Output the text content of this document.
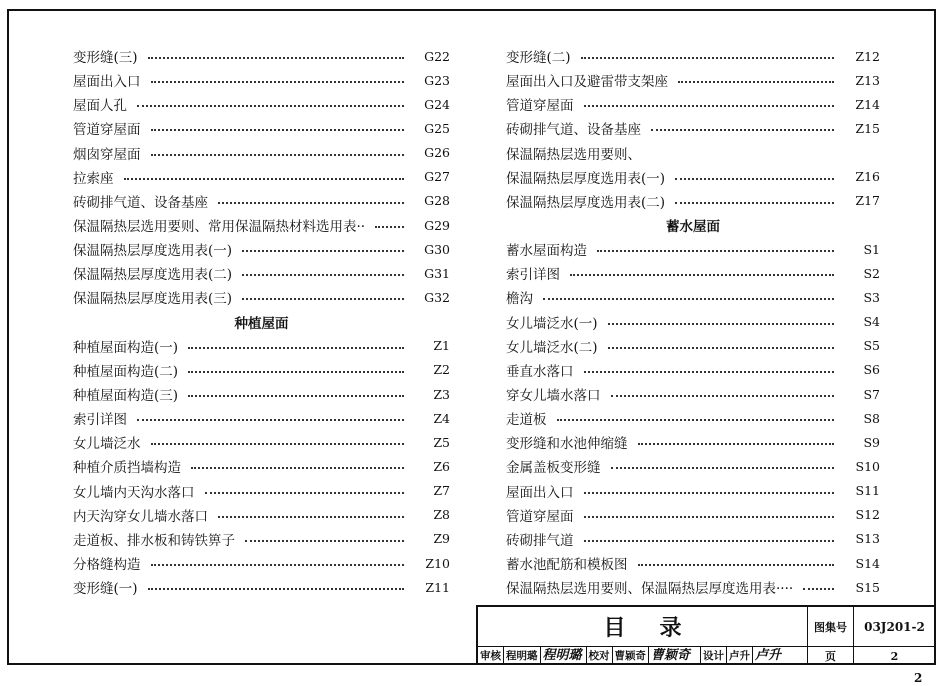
变形缝(三)	G22
屋面出入口	G23
屋面人孔	G24
管道穿屋面	G25
烟囱穿屋面	G26
拉索座	G27
砖砌排气道、设备基座	G28
保温隔热层选用要则、常用保温隔热材料选用表··	G29
保温隔热层厚度选用表(一)	G30
保温隔热层厚度选用表(二)	G31
保温隔热层厚度选用表(三)	G32
种植屋面
种植屋面构造(一)	Z1
种植屋面构造(二)	Z2
种植屋面构造(三)	Z3
索引详图	Z4
女儿墙泛水	Z5
种植介质挡墙构造	Z6
女儿墙内天沟水落口	Z7
内天沟穿女儿墙水落口	Z8
走道板、排水板和铸铁箅子	Z9
分格缝构造	Z10
变形缝(一)	Z11
变形缝(二)	Z12
屋面出入口及避雷带支架座	Z13
管道穿屋面	Z14
砖砌排气道、设备基座	Z15
保温隔热层选用要则、
保温隔热层厚度选用表(一)	Z16
保温隔热层厚度选用表(二)	Z17
蓄水屋面
蓄水屋面构造	S1
索引详图	S2
檐沟	S3
女儿墙泛水(一)	S4
女儿墙泛水(二)	S5
垂直水落口	S6
穿女儿墙水落口	S7
走道板	S8
变形缝和水池伸缩缝	S9
金属盖板变形缝	S10
屋面出入口	S11
管道穿屋面	S12
砖砌排气道	S13
蓄水池配筋和模板图	S14
保温隔热层选用要则、保温隔热层厚度选用表····	S15
目录	图集号	03J201-2
页	2
审核 程明璐 程明璐 校对 曹颖奇 曹颖奇	设计 卢升 卢升
2
